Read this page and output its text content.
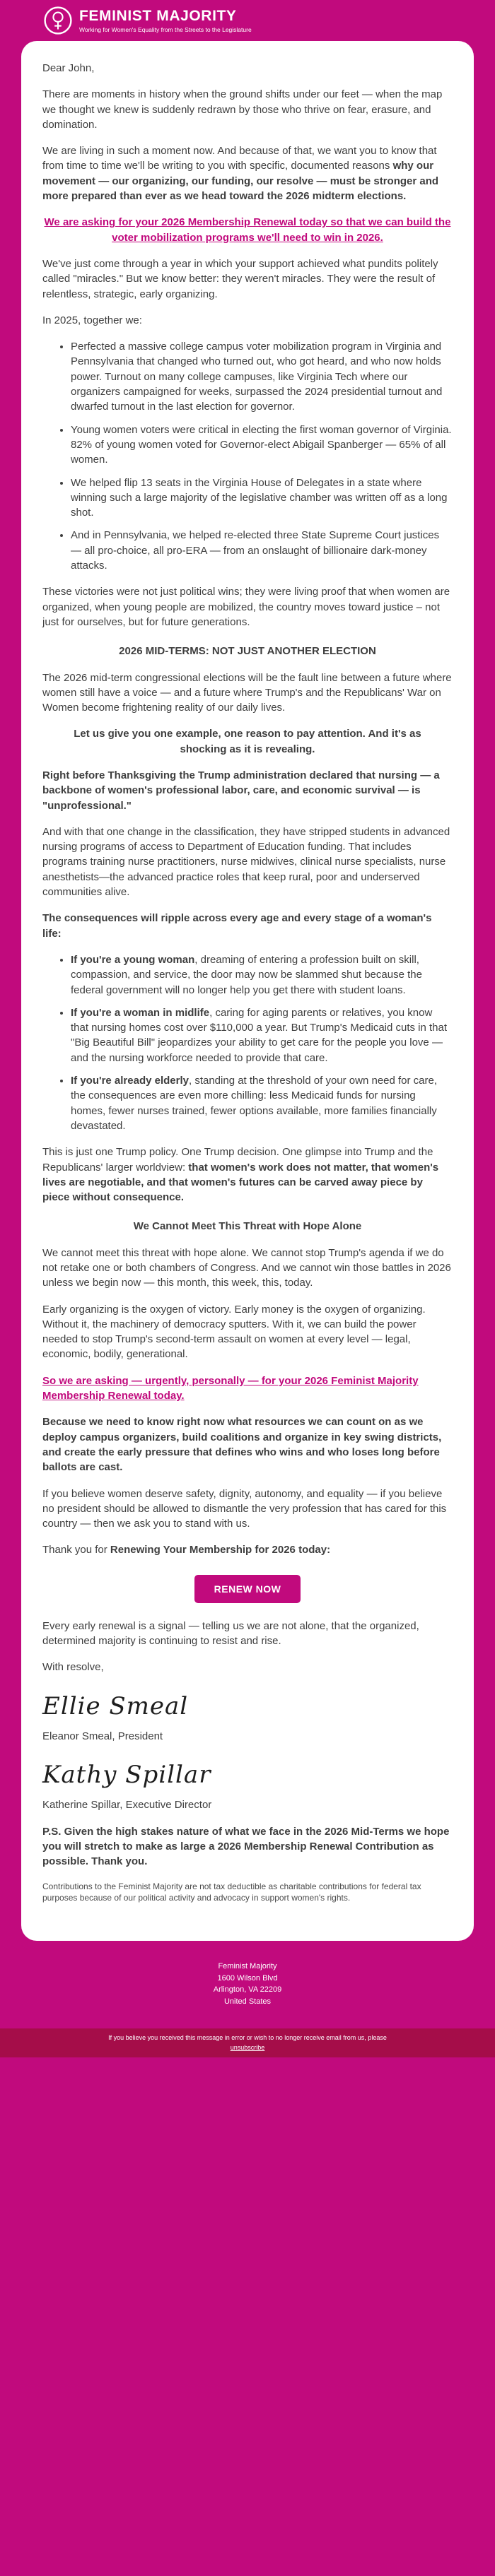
FEMINIST MAJORITY
Working for Women's Equality from the Streets to the Legislature

Dear John,

There are moments in history when the ground shifts under our feet — when the map we thought we knew is suddenly redrawn by those who thrive on fear, erasure, and domination.

We are living in such a moment now. And because of that, we want you to know that from time to time we'll be writing to you with specific, documented reasons why our movement — our organizing, our funding, our resolve — must be stronger and more prepared than ever as we head toward the 2026 midterm elections.

We are asking for your 2026 Membership Renewal today so that we can build the voter mobilization programs we'll need to win in 2026.

We've just come through a year in which your support achieved what pundits politely called "miracles." But we know better: they weren't miracles. They were the result of relentless, strategic, early organizing.

In 2025, together we:

• Perfected a massive college campus voter mobilization program in Virginia and Pennsylvania that changed who turned out, who got heard, and who now holds power. Turnout on many college campuses, like Virginia Tech where our organizers campaigned for weeks, surpassed the 2024 presidential turnout and dwarfed turnout in the last election for governor.
• Young women voters were critical in electing the first woman governor of Virginia. 82% of young women voted for Governor-elect Abigail Spanberger — 65% of all women.
• We helped flip 13 seats in the Virginia House of Delegates in a state where winning such a large majority of the legislative chamber was written off as a long shot.
• And in Pennsylvania, we helped re-elected three State Supreme Court justices — all pro-choice, all pro-ERA — from an onslaught of billionaire dark-money attacks.

These victories were not just political wins; they were living proof that when women are organized, when young people are mobilized, the country moves toward justice – not just for ourselves, but for future generations.

2026 MID-TERMS: NOT JUST ANOTHER ELECTION

The 2026 mid-term congressional elections will be the fault line between a future where women still have a voice — and a future where Trump's and the Republicans' War on Women become frightening reality of our daily lives.

Let us give you one example, one reason to pay attention. And it's as shocking as it is revealing.

Right before Thanksgiving the Trump administration declared that nursing — a backbone of women's professional labor, care, and economic survival — is "unprofessional."

And with that one change in the classification, they have stripped students in advanced nursing programs of access to Department of Education funding. That includes programs training nurse practitioners, nurse midwives, clinical nurse specialists, nurse anesthetists—the advanced practice roles that keep rural, poor and underserved communities alive.

The consequences will ripple across every age and every stage of a woman's life:

• If you're a young woman, dreaming of entering a profession built on skill, compassion, and service, the door may now be slammed shut because the federal government will no longer help you get there with student loans.
• If you're a woman in midlife, caring for aging parents or relatives, you know that nursing homes cost over $110,000 a year. But Trump's Medicaid cuts in that "Big Beautiful Bill" jeopardizes your ability to get care for the people you love — and the nursing workforce needed to provide that care.
• If you're already elderly, standing at the threshold of your own need for care, the consequences are even more chilling: less Medicaid funds for nursing homes, fewer nurses trained, fewer options available, more families financially devastated.

This is just one Trump policy. One Trump decision. One glimpse into Trump and the Republicans' larger worldview: that women's work does not matter, that women's lives are negotiable, and that women's futures can be carved away piece by piece without consequence.

We Cannot Meet This Threat with Hope Alone

We cannot meet this threat with hope alone. We cannot stop Trump's agenda if we do not retake one or both chambers of Congress. And we cannot win those battles in 2026 unless we begin now — this month, this week, this, today.

Early organizing is the oxygen of victory. Early money is the oxygen of organizing. Without it, the machinery of democracy sputters. With it, we can build the power needed to stop Trump's second-term assault on women at every level — legal, economic, bodily, generational.

So we are asking — urgently, personally — for your 2026 Feminist Majority Membership Renewal today.

Because we need to know right now what resources we can count on as we deploy campus organizers, build coalitions and organize in key swing districts, and create the early pressure that defines who wins and who loses long before ballots are cast.

If you believe women deserve safety, dignity, autonomy, and equality — if you believe no president should be allowed to dismantle the very profession that has cared for this country — then we ask you to stand with us.

Thank you for Renewing Your Membership for 2026 today:

RENEW NOW

Every early renewal is a signal — telling us we are not alone, that the organized, determined majority is continuing to resist and rise.

With resolve,

Ellie Smeal

Eleanor Smeal, President

Kathy Spillar

Katherine Spillar, Executive Director

P.S. Given the high stakes nature of what we face in the 2026 Mid-Terms we hope you will stretch to make as large a 2026 Membership Renewal Contribution as possible. Thank you.

Contributions to the Feminist Majority are not tax deductible as charitable contributions for federal tax purposes because of our political activity and advocacy in support women's rights.

Feminist Majority
1600 Wilson Blvd
Arlington, VA 22209
United States
If you believe you received this message in error or wish to no longer receive email from us, please unsubscribe
